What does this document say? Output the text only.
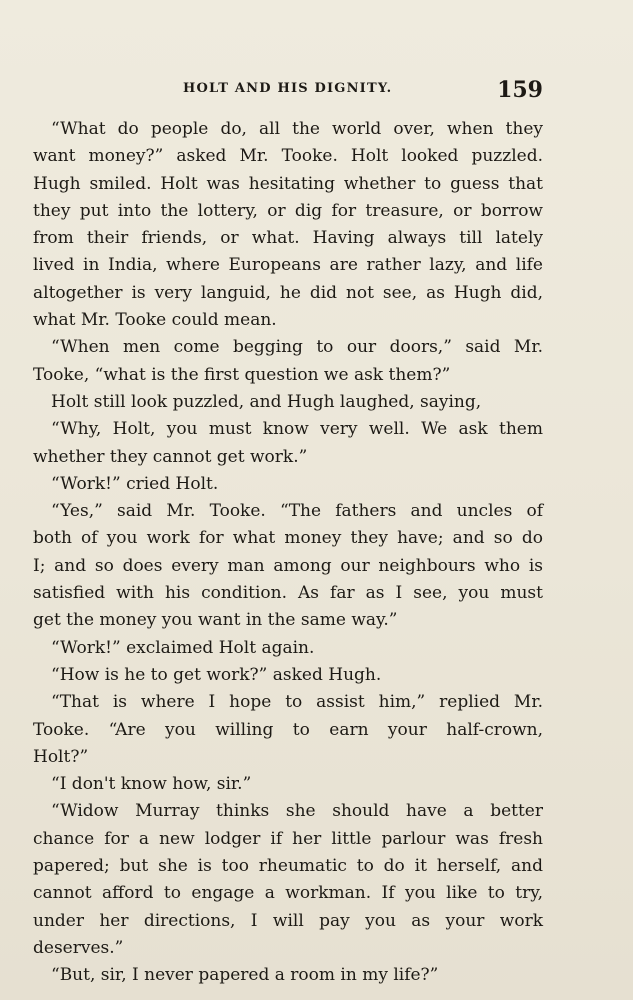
HOLT AND HIS DIGNITY.	159
“What do people do, all the world over, when they
want money?” asked Mr. Tooke. Holt looked puzzled.
Hugh smiled. Holt was hesitating whether to guess that
they put into the lottery, or dig for treasure, or borrow
from their friends, or what. Having always till lately
lived in India, where Europeans are rather lazy, and life
altogether is very languid, he did not see, as Hugh did,
what Mr. Tooke could mean.
“When men come begging to our doors,” said Mr.
Tooke, “what is the first question we ask them?”
Holt still look puzzled, and Hugh laughed, saying,
“Why, Holt, you must know very well. We ask them
whether they cannot get work.”
“Work!” cried Holt.
“Yes,” said Mr. Tooke. “The fathers and uncles of
both of you work for what money they have; and so do
I; and so does every man among our neighbours who is
satisfied with his condition. As far as I see, you must
get the money you want in the same way.”
“Work!” exclaimed Holt again.
“How is he to get work?” asked Hugh.
“That is where I hope to assist him,” replied Mr.
Tooke. “Are you willing to earn your half-crown,
Holt?”
“I don't know how, sir.”
“Widow Murray thinks she should have a better
chance for a new lodger if her little parlour was fresh
papered; but she is too rheumatic to do it herself, and
cannot afford to engage a workman. If you like to try,
under her directions, I will pay you as your work
deserves.”
“But, sir, I never papered a room in my life?”
